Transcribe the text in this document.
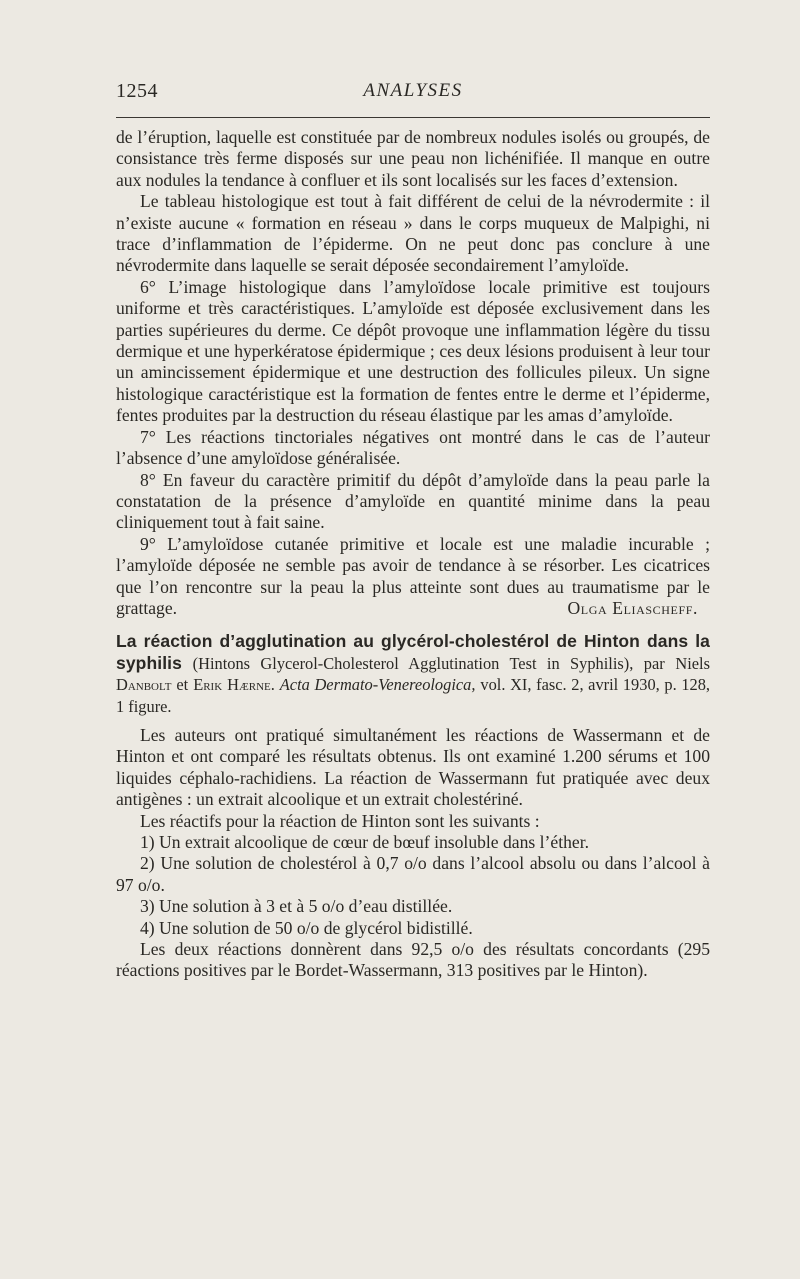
1254	ANALYSES

de l’éruption, laquelle est constituée par de nombreux nodules isolés ou groupés, de consistance très ferme disposés sur une peau non lichénifiée. Il manque en outre aux nodules la tendance à confluer et ils sont localisés sur les faces d’extension.

Le tableau histologique est tout à fait différent de celui de la névrodermite : il n’existe aucune « formation en réseau » dans le corps muqueux de Malpighi, ni trace d’inflammation de l’épiderme. On ne peut donc pas conclure à une névrodermite dans laquelle se serait déposée secondairement l’amyloïde.

6° L’image histologique dans l’amyloïdose locale primitive est toujours uniforme et très caractéristiques. L’amyloïde est déposée exclusivement dans les parties supérieures du derme. Ce dépôt provoque une inflammation légère du tissu dermique et une hyperkératose épidermique ; ces deux lésions produisent à leur tour un amincissement épidermique et une destruction des follicules pileux. Un signe histologique caractéristique est la formation de fentes entre le derme et l’épiderme, fentes produites par la destruction du réseau élastique par les amas d’amyloïde.

7° Les réactions tinctoriales négatives ont montré dans le cas de l’auteur l’absence d’une amyloïdose généralisée.

8° En faveur du caractère primitif du dépôt d’amyloïde dans la peau parle la constatation de la présence d’amyloïde en quantité minime dans la peau cliniquement tout à fait saine.

9° L’amyloïdose cutanée primitive et locale est une maladie incurable ; l’amyloïde déposée ne semble pas avoir de tendance à se résorber. Les cicatrices que l’on rencontre sur la peau la plus atteinte sont dues au traumatisme par le grattage.	Olga Eliascheff.

La réaction d’agglutination au glycérol-cholestérol de Hinton dans la syphilis (Hintons Glycerol-Cholesterol Agglutination Test in Syphilis), par Niels Danbolt et Erik Hærne. Acta Dermato-Venereologica, vol. XI, fasc. 2, avril 1930, p. 128, 1 figure.

Les auteurs ont pratiqué simultanément les réactions de Wassermann et de Hinton et ont comparé les résultats obtenus. Ils ont examiné 1.200 sérums et 100 liquides céphalo-rachidiens. La réaction de Wassermann fut pratiquée avec deux antigènes : un extrait alcoolique et un extrait cholestériné.

Les réactifs pour la réaction de Hinton sont les suivants :

1) Un extrait alcoolique de cœur de bœuf insoluble dans l’éther.

2) Une solution de cholestérol à 0,7 o/o dans l’alcool absolu ou dans l’alcool à 97 o/o.

3) Une solution à 3 et à 5 o/o d’eau distillée.

4) Une solution de 50 o/o de glycérol bidistillé.

Les deux réactions donnèrent dans 92,5 o/o des résultats concordants (295 réactions positives par le Bordet-Wassermann, 313 positives par le Hinton).
